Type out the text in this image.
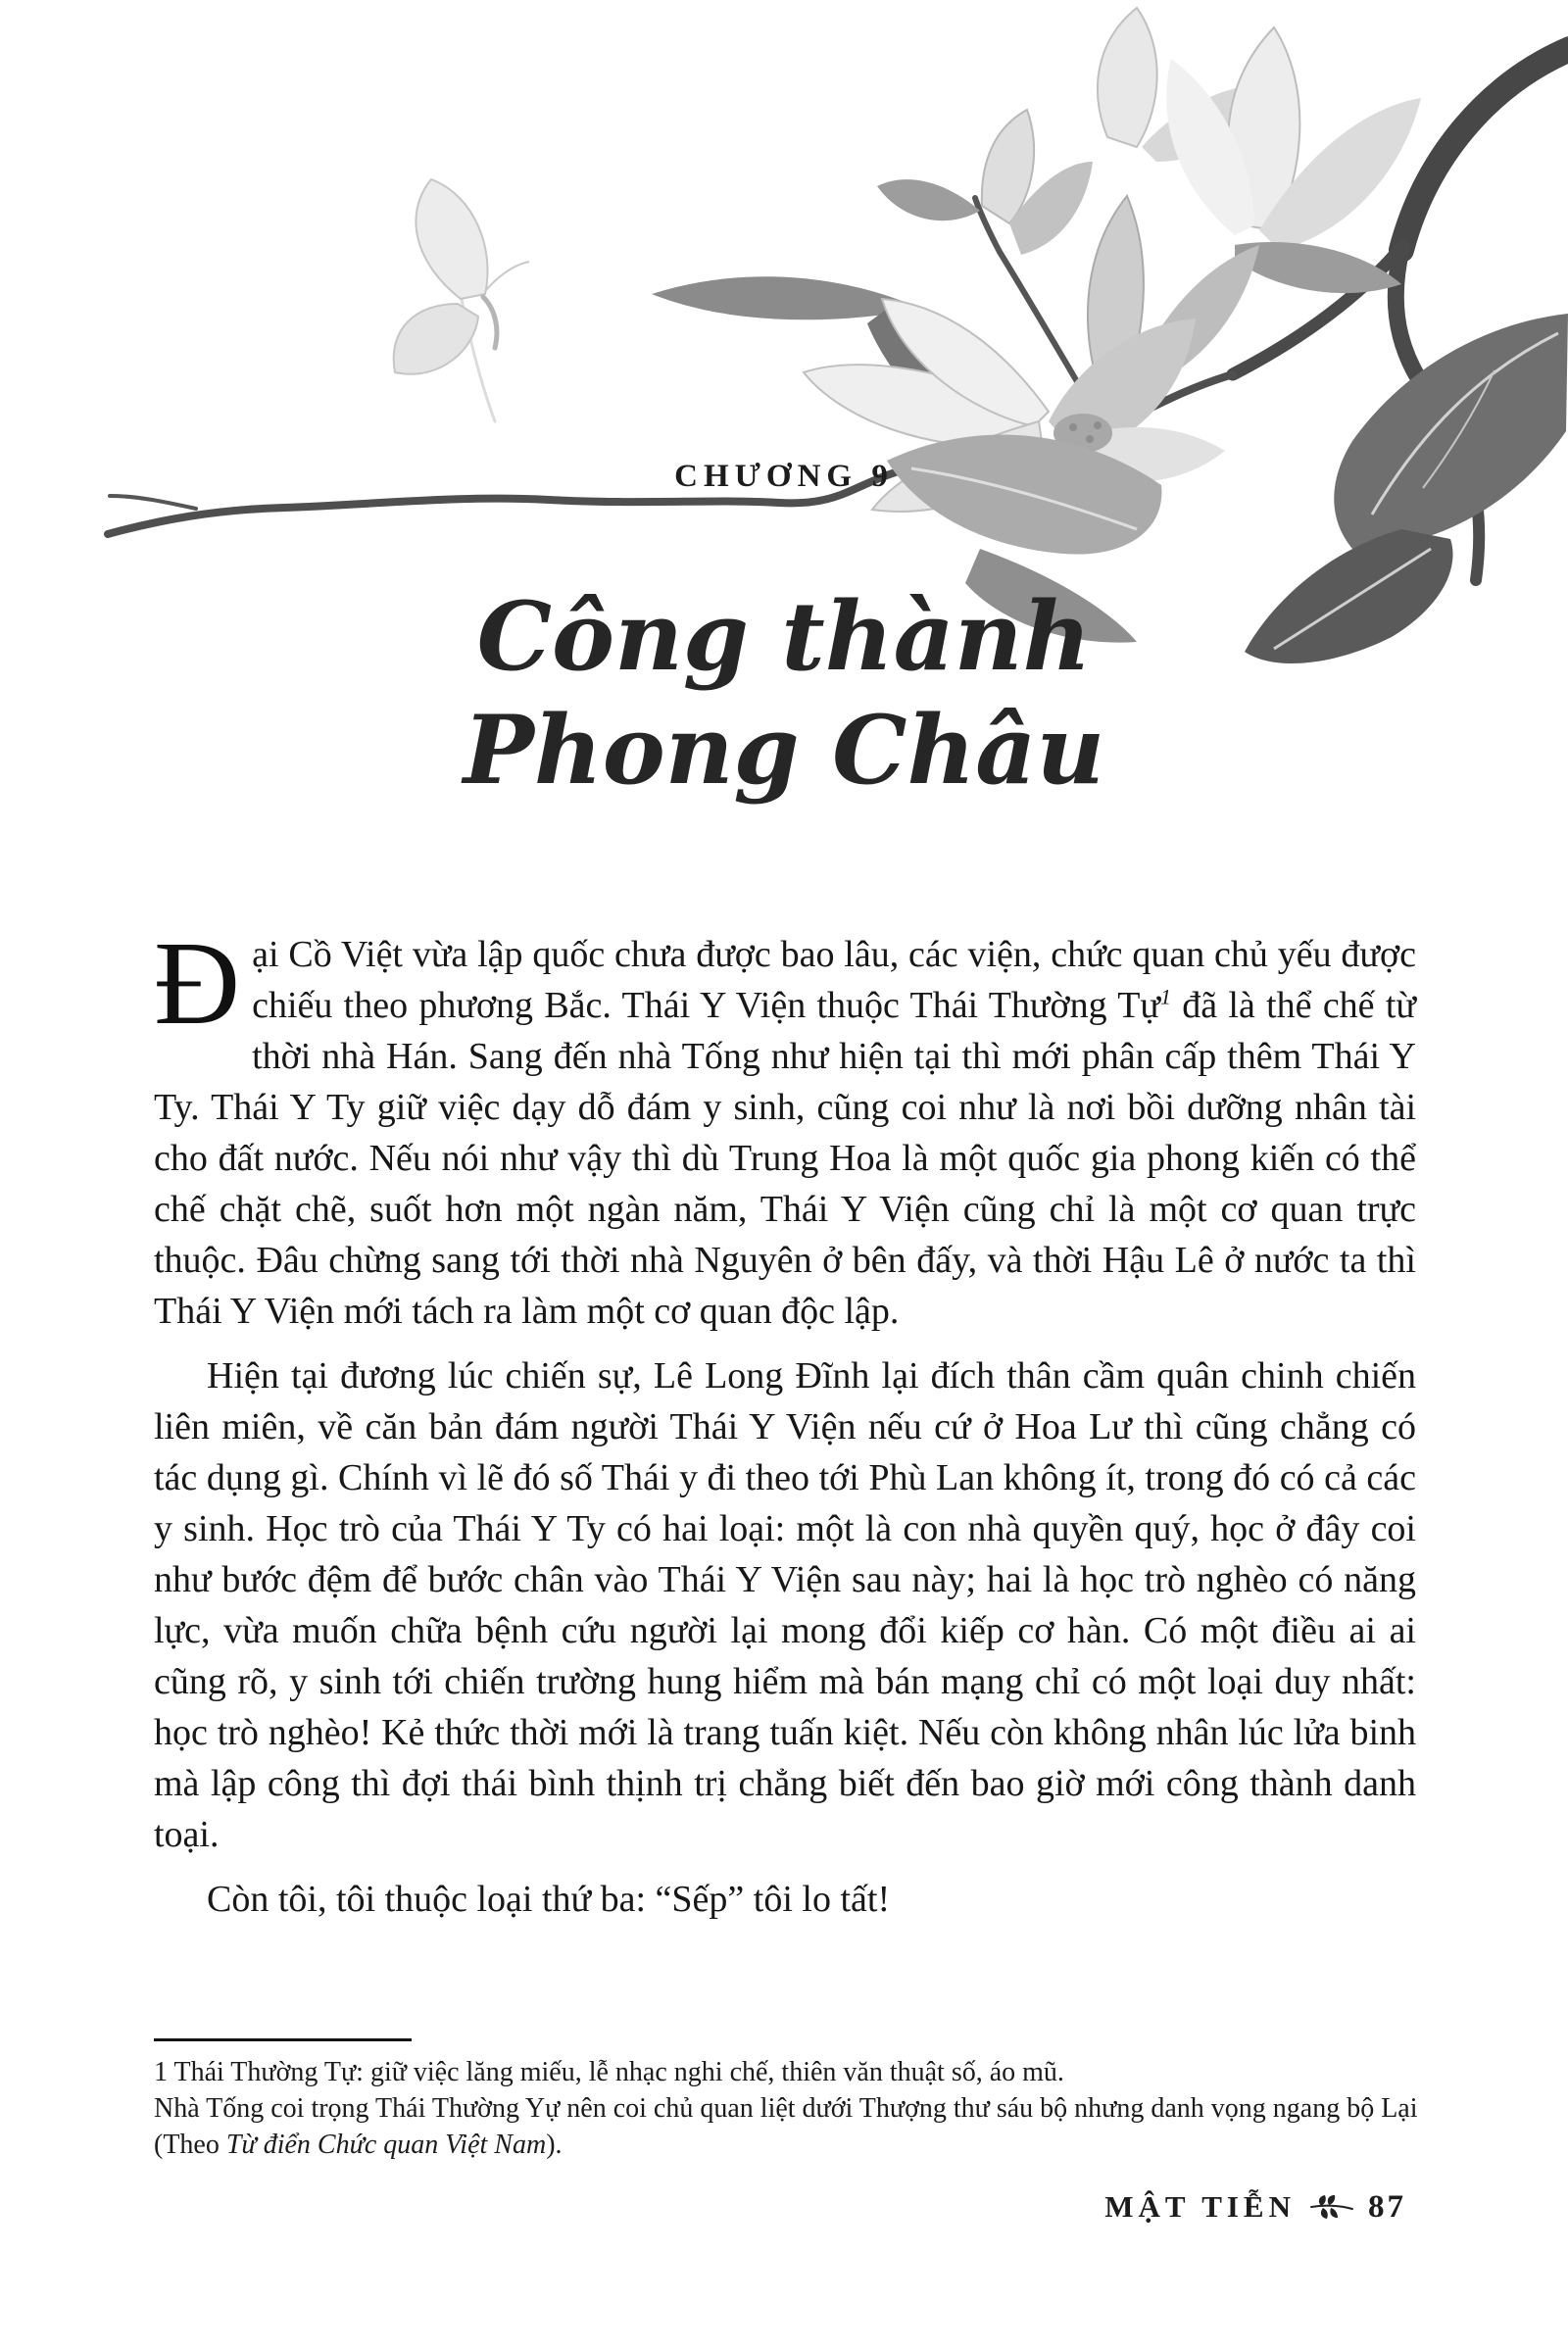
CHƯƠNG 9
Công thành
Phong Châu

Đại Cồ Việt vừa lập quốc chưa được bao lâu, các viện, chức quan chủ yếu được chiếu theo phương Bắc. Thái Y Viện thuộc Thái Thường Tự$^1$ đã là thể chế từ thời nhà Hán. Sang đến nhà Tống như hiện tại thì mới phân cấp thêm Thái Y Ty. Thái Y Ty giữ việc dạy dỗ đám y sinh, cũng coi như là nơi bồi dưỡng nhân tài cho đất nước. Nếu nói như vậy thì dù Trung Hoa là một quốc gia phong kiến có thể chế chặt chẽ, suốt hơn một ngàn năm, Thái Y Viện cũng chỉ là một cơ quan trực thuộc. Đâu chừng sang tới thời nhà Nguyên ở bên đấy, và thời Hậu Lê ở nước ta thì Thái Y Viện mới tách ra làm một cơ quan độc lập.

Hiện tại đương lúc chiến sự, Lê Long Đĩnh lại đích thân cầm quân chinh chiến liên miên, về căn bản đám người Thái Y Viện nếu cứ ở Hoa Lư thì cũng chẳng có tác dụng gì. Chính vì lẽ đó số Thái y đi theo tới Phù Lan không ít, trong đó có cả các y sinh. Học trò của Thái Y Ty có hai loại: một là con nhà quyền quý, học ở đây coi như bước đệm để bước chân vào Thái Y Viện sau này; hai là học trò nghèo có năng lực, vừa muốn chữa bệnh cứu người lại mong đổi kiếp cơ hàn. Có một điều ai ai cũng rõ, y sinh tới chiến trường hung hiểm mà bán mạng chỉ có một loại duy nhất: học trò nghèo! Kẻ thức thời mới là trang tuấn kiệt. Nếu còn không nhân lúc lửa binh mà lập công thì đợi thái bình thịnh trị chẳng biết đến bao giờ mới công thành danh toại.

Còn tôi, tôi thuộc loại thứ ba: “Sếp” tôi lo tất!

1 Thái Thường Tự: giữ việc lăng miếu, lễ nhạc nghi chế, thiên văn thuật số, áo mũ.

Nhà Tống coi trọng Thái Thường Yự nên coi chủ quan liệt dưới Thượng thư sáu bộ nhưng danh vọng ngang bộ Lại (Theo Từ điển Chức quan Việt Nam).

MẬT TIỄN 87
